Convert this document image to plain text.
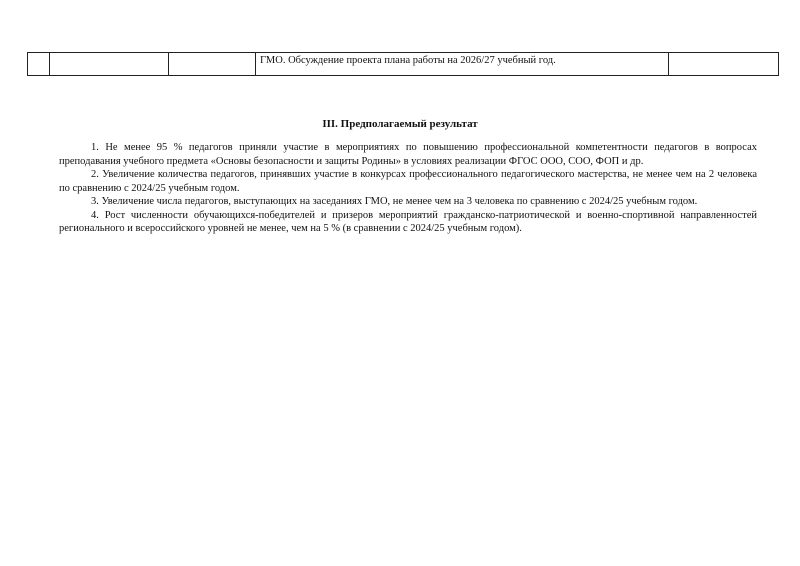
			ГМО. Обсуждение проекта плана работы на 2026/27 учебный год.	
III. Предполагаемый результат

1. Не менее 95 % педагогов приняли участие в мероприятиях по повышению профессиональной компетентности педагогов в вопросах преподавания учебного предмета «Основы безопасности и защиты Родины» в условиях реализации ФГОС ООО, СОО, ФОП и др.

2. Увеличение количества педагогов, принявших участие в конкурсах профессионального педагогического мастерства, не менее чем на 2 человека по сравнению с 2024/25 учебным годом.

3. Увеличение числа педагогов, выступающих на заседаниях ГМО, не менее чем на 3 человека по сравнению с 2024/25 учебным годом.

4. Рост численности обучающихся-победителей и призеров мероприятий гражданско-патриотической и военно-спортивной направленностей регионального и всероссийского уровней не менее, чем на 5 % (в сравнении с 2024/25 учебным годом).
